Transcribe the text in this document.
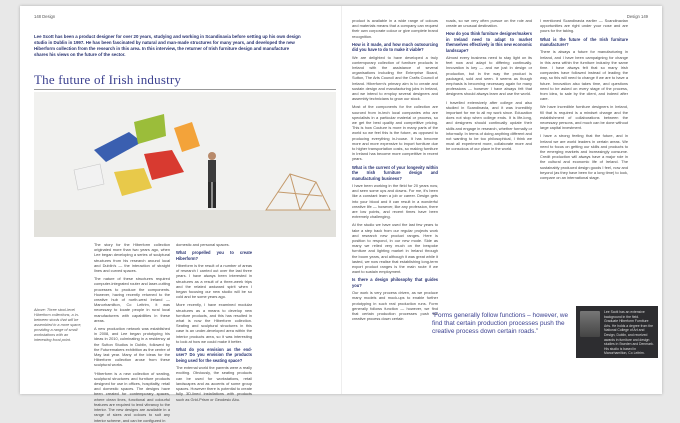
148 Design
Lee Scott has been a product designer for over 20 years, studying and working in Scandinavia before setting up his own design studio in Dublin in 1997. He has been fascinated by natural and man-made structures for many years, and developed the new Hiberform collection from the research in this area. In this interview, the returner of Irish furniture design and manufacture shares his views on the future of the sector.
The future of Irish industry
Above: Three stool-level Hiberform collections, a in-between stools that will be assembled in a more space, providing a range of small workstations with an interesting focal point.

The story for the Hiberform collection originated more than two years ago, when Lee began developing a series of sculptural structures from his research around local and Dublin’s — the interaction of straight lines and curved spaces.

The nature of these structures required computer-integrated router and laser-cutting processes to produce the components. However, having recently returned to the creative hub of north-west Ireland — Manorhamilton, Co Leitrim, it was necessary to locate people in rural local manufacturers with capabilities in these areas.

A new production network was established in 2008, and Lee began prototyping his ideas in 2010, culminating in a residency at the Sutton Studios in Dublin, followed by the Futuremakers exhibition as the centre of May last year. Many of the ideas for the Hiberform collection arose from these sculptural works.

“Hiberform is a new collection of seating, sculptural structures and furniture products designed for use in offices, hospitality, retail and domestic spaces. The designs have been created for contemporary spaces, where clean lines, functional and colourful features are required to lend vibrancy to the interior. The new designs are available in a range of sizes and colours to suit any interior scheme, and can be configured in

domestic and personal spaces.

What propelled you to create Hiberform?

Hiberform is the result of a number of areas of research I carried out over the last three years. I have always been interested in structures as a result of a three-week trips and the related awkward spirit when I began focusing our new studio will be so cold and be some years ago.

More recently, I have examined modular structures as a means to develop new furniture products, and this has resulted in what is now the Hiberform collection. Seating and sculptural structures in this case is an under-developed area within the interior products area, so it was interesting to look at how we could make it better.

What do you envision as the end-user? Do you envision the products being used for the seating space?

The external world the parents were a really exciting. Obviously, the seating products can be used for workstations, retail landscapes and as accents of some group spaces. However there is potential to create fully 3D-lined installations with products such as Grid-Prism or Geodesic Abu.

Design 149

product is available in a wide range of colours and materials means that a company can request their own corporate colour or give complete brand recognition.

How is it made, and how much outsourcing did you have to do to make it viable?

We are delighted to have developed a truly contemporary collection of furniture products in Ireland with the assistance of several organisations including the Enterprise Board, Sutton, The Arts Council and the Crafts Council of Ireland. Hiberform’s primary aim is to create and sustain design and manufacturing jobs in Ireland, and we intend to employ several designers and assembly technicians to grow our stock.

Most of the components for the collection are sourced from in-tech local companies who are specialists in a particular material or process, so we get the best quality and competitive pricing. This is how Couture is more in many parts of the world so we feel this is the future, as opposed to producing everything in-house. It has become more and more expensive to import furniture due to higher transportation costs, so making furniture in Ireland has become more competitive in recent years.

What is the current of your longevity within the Irish furniture design and manufacturing business?

I have been working in the field for 20 years now, and seen some ups and downs. For me, it’s been like a constant learn a job or career. Design gets into your blood and it can result in a wonderful creative life — however, like any profession, there are low points, and recent times have been extremely challenging.

At the studio we have used the last few years to take a step back from our regular projects work and research new product ranges. Here is position to respond, in our new mode. Side as many we relied very much on the bespoke furniture and lighting market in Ireland through the boom years, and although it was great while it lasted, we now realise that establishing long-term export product ranges is the main route if we want to sustain employment.

Is there a design philosophy that guides you?

Our work is very process driven, as we produce many models and mock-ups to enable further prototyping in such real production runs. Form generally follows function — however, we find that certain production processes push the creative process down certain

roads, so we very often pursue on the role and create an unusual destination.

How do you think furniture designer/makers in Ireland need to adapt to market themselves effectively in this new economic landscape?

Almost every business need to stay light on its feet now and adapt to differing continually. Innovation is key — and we just in design or production, but in the way the product is packaged, sold and seen. It seems as though emphasis is becoming necessary again for many professions — however I have always felt that designers should always learn and use the world.

I travelled extensively after college and also studied in Scandinavia, and it was incredibly important for me to all my work since. Education does not stop when college ends. It is life-long, and designers should continually update their skills and engage in research, whether formally or informally. In terms of doing anything different and not wanting to be too philosophical, I think we must all experiment more, collaborate more and be conscious of our place in the world.

I mentioned Scandinavia earlier — Scandinavian opportunities are right under your nose and are yours for the taking.

What is the future of the Irish furniture manufacturer?

There is always a future for manufacturing in Ireland, and I have been campaigning for change in this area within the furniture industry the same time. I have always felt that so many Irish companies have followed instead of leading the way, so this will need to change if we are to have a future. Innovation also takes time, and questions need to be asked on every stage of the process, from idea, to sale by the client, and indeed after care.

We have incredible furniture designers in Ireland, fill that is required is a mindset change and the establishment of collaborations between the necessary persons, and much can be done without large capital investment.

I have a strong feeling that the future, and in Ireland we are world leaders in certain areas. We need to focus on getting our skills and products to the emerging markets and increasingly consume. Credit production will always have a major role in the cultural and economic life of Ireland. The sustainably produced design goods I feel, now and beyond (as they have been for a long time) to look, compare on an international stage.

“Forms generally follow functions – however, we find that certain production processes push the creative process down certain roads.”
Lee Scott has an extensive background in the field. Graduate Hiberform Furniture Arts. He holds a degree from the National College of Art and Design, Dublin, and received awards in furniture and design studies in Sweden and Denmark. His studio is based in Manorhamilton, Co Leitrim.
